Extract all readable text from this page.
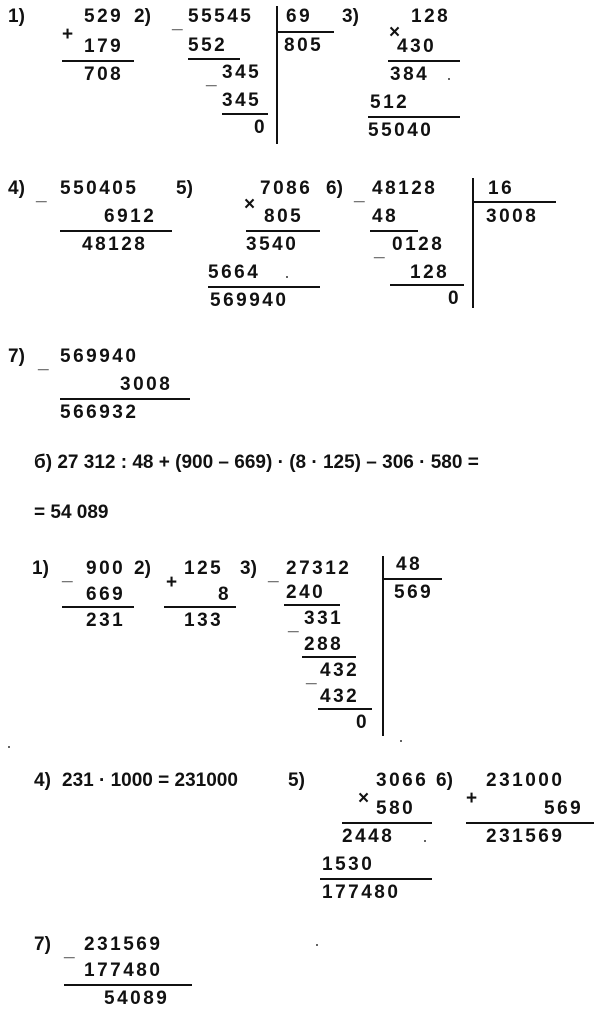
1)
+
529
179
708
2) _ 55545 69
805
552
_ 345
345
0
3)
×
128
430
384
512
55040
4) _ 550405
6912
48128
5)
×
7086
805
3540
5664
569940
6) _ 48128	16
3008
48
_ 0128
128
0
7) _ 569940
3008
566932
б) 27 312 : 48 + (900 – 669) · (8 · 125) – 306 · 580 =
= 54 089
1) _ 900
669
231
2)
+
125
8
133
3) _ 27312 48
569
240
_ 331
288
_ 432
432
0
4) 231 · 1000 = 231000	5)
×
3066
580
2448
1530
177480
6)
+
231000
569
231569
7) _ 231569
177480
54089
